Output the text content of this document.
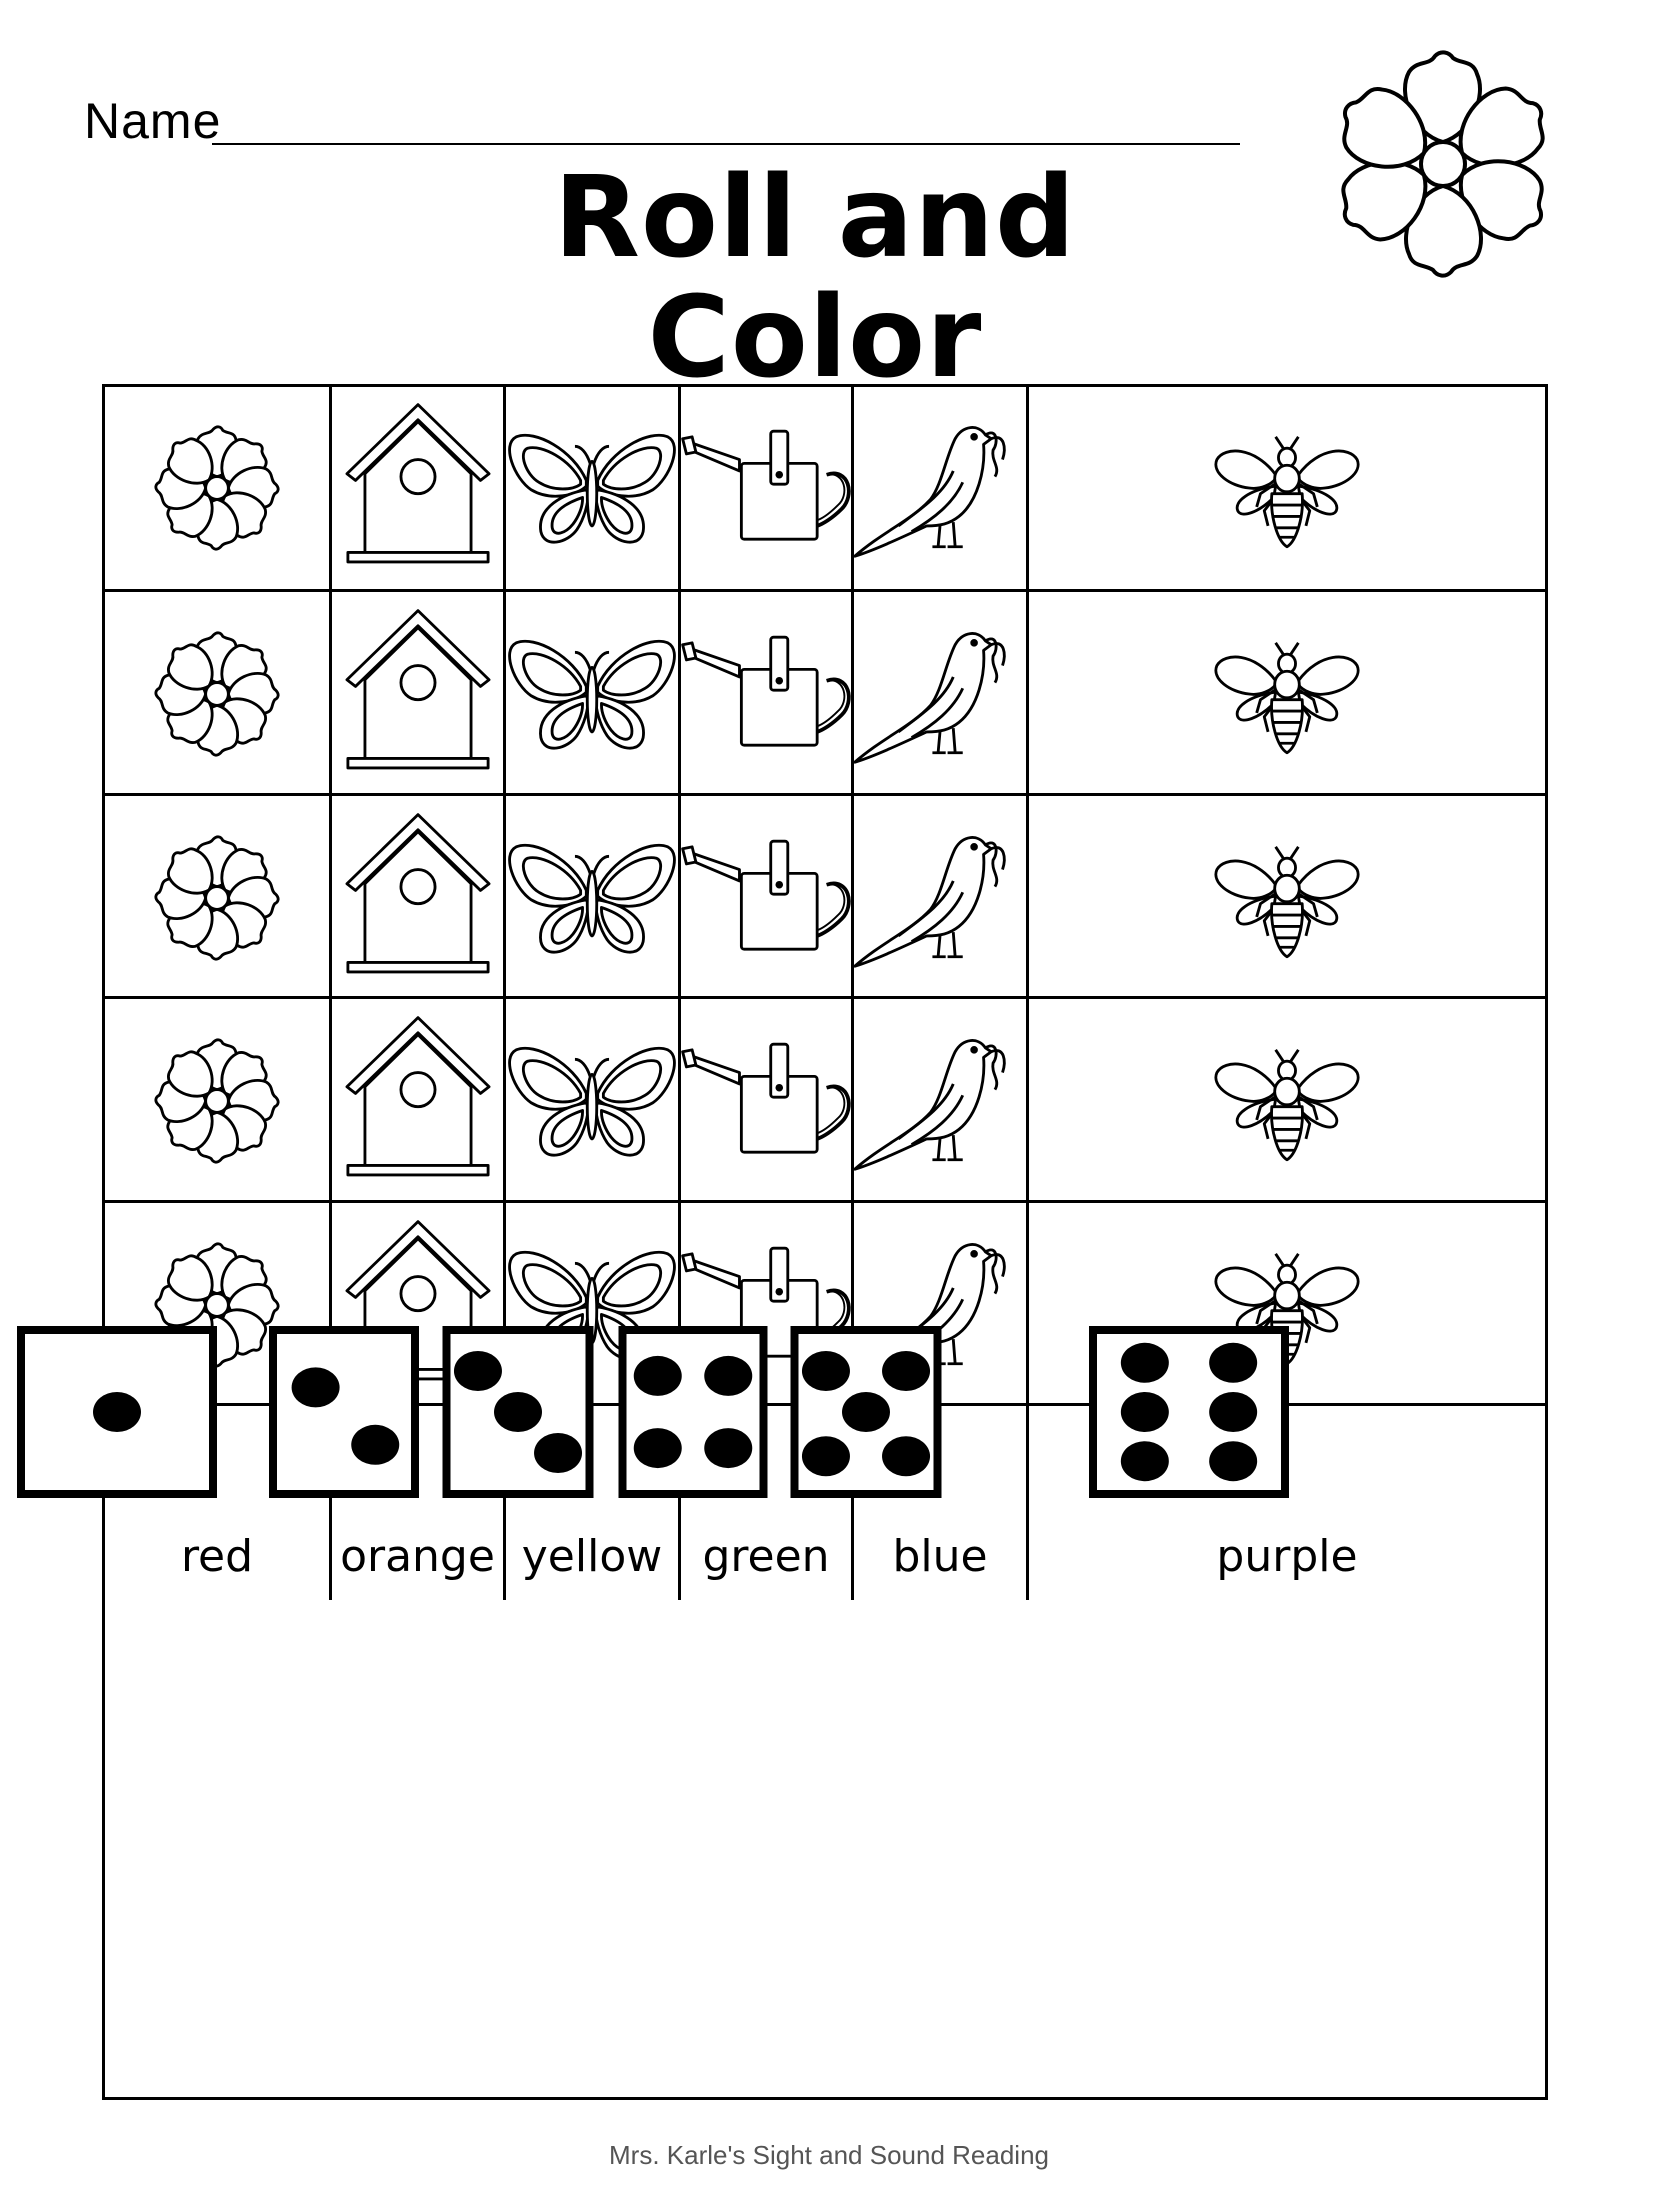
Name
Roll and Color
red	orange yellow green	blue	purple
Mrs. Karle's Sight and Sound Reading
